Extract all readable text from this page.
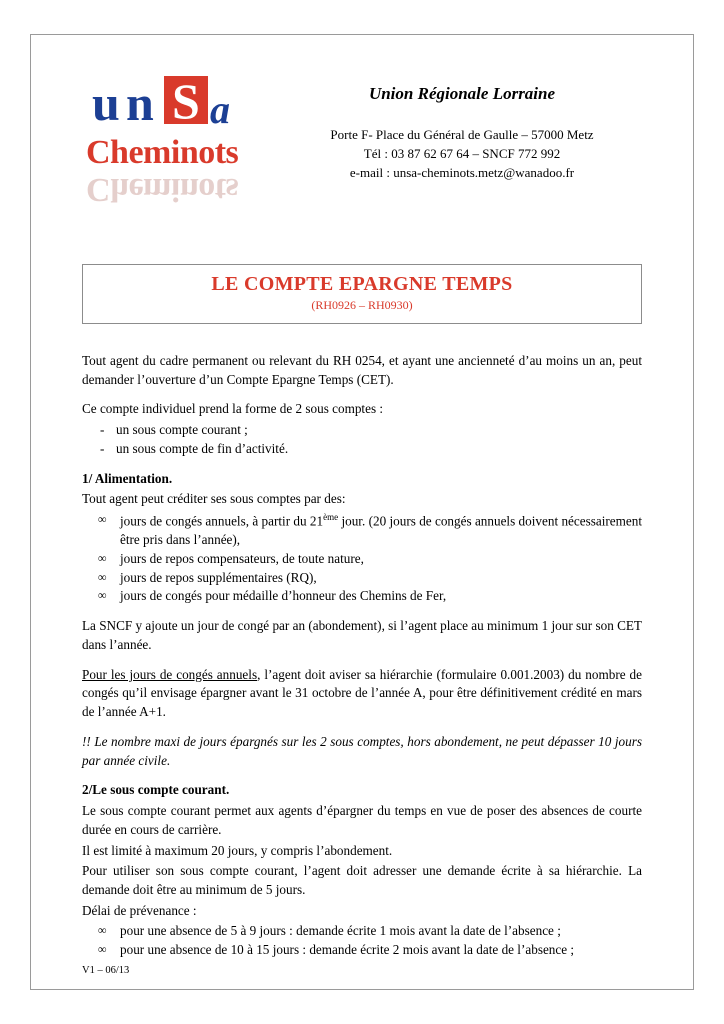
u n S a
Cheminots
Cheminots
Union Régionale Lorraine
Porte F- Place du Général de Gaulle – 57000 Metz
Tél : 03 87 62 67 64 – SNCF 772 992
e-mail : unsa-cheminots.metz@wanadoo.fr
LE COMPTE EPARGNE TEMPS
(RH0926 – RH0930)

Tout agent du cadre permanent ou relevant du RH 0254, et ayant une ancienneté d’au moins un an, peut demander l’ouverture d’un Compte Epargne Temps (CET).

Ce compte individuel prend la forme de 2 sous comptes :

- un sous compte courant ;
- un sous compte de fin d’activité.

1/ Alimentation.

Tout agent peut créditer ses sous comptes par des:

∞ jours de congés annuels, à partir du 21ème jour. (20 jours de congés annuels doivent nécessairement être pris dans l’année),
∞ jours de repos compensateurs, de toute nature,
∞ jours de repos supplémentaires (RQ),
∞ jours de congés pour médaille d’honneur des Chemins de Fer,

La SNCF y ajoute un jour de congé par an (abondement), si l’agent place au minimum 1 jour sur son CET dans l’année.

Pour les jours de congés annuels, l’agent doit aviser sa hiérarchie (formulaire 0.001.2003) du nombre de congés qu’il envisage épargner avant le 31 octobre de l’année A, pour être définitivement crédité en mars de l’année A+1.

!! Le nombre maxi de jours épargnés sur les 2 sous comptes, hors abondement, ne peut dépasser 10 jours par année civile.

2/Le sous compte courant.

Le sous compte courant permet aux agents d’épargner du temps en vue de poser des absences de courte durée en cours de carrière.

Il est limité à maximum 20 jours, y compris l’abondement.

Pour utiliser son sous compte courant, l’agent doit adresser une demande écrite à sa hiérarchie. La demande doit être au minimum de 5 jours.

Délai de prévenance :

∞ pour une absence de 5 à 9 jours : demande écrite 1 mois avant la date de l’absence ;
∞ pour une absence de 10 à 15 jours : demande écrite 2 mois avant la date de l’absence ;
V1 – 06/13
